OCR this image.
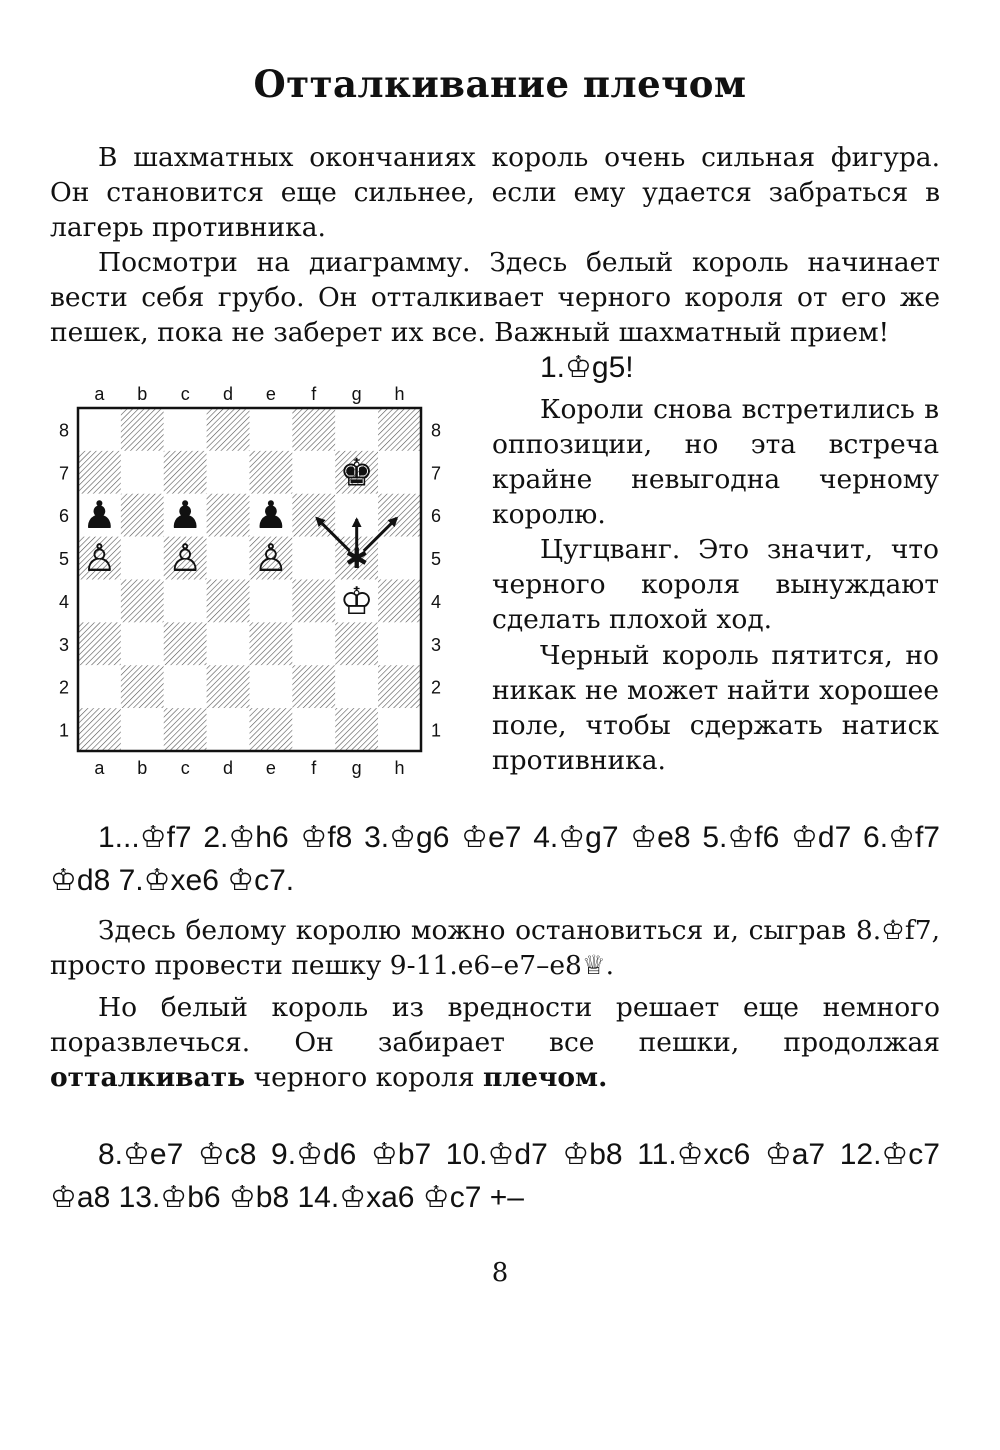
Отталкивание плечом

В шахматных окончаниях король очень сильная фигура. Он становится еще сильнее, если ему удается забраться в лагерь противника.

Посмотри на диаграмму. Здесь белый король начинает вести себя грубо. Он отталкивает черного короля от его же пешек, пока не заберет их все. Важный шахматный прием!

1.♔g5!

Короли снова встретились в оппозиции, но эта встреча крайне невыгодна черному королю.

Цугцванг. Это значит, что черного короля вынуждают сделать плохой ход.

Черный король пятится, но никак не может найти хорошее поле, чтобы сдержать натиск противника.

a
a
b
b
c
c
d
d
e
e
f
f
g
g
h
h
8	8
7	7
6	6
5	5
4	4
3	3
2	2
1	1
♚
♟ ♟ ♟
♙ ♙ ♙
♔
✱

1...♔f7 2.♔h6 ♔f8 3.♔g6 ♔e7 4.♔g7 ♔e8 5.♔f6 ♔d7 6.♔f7 ♔d8 7.♔xe6 ♔c7.

Здесь белому королю можно остановиться и, сыграв 8.♔f7, просто провести пешку 9-11.e6–e7–e8♕.

Но белый король из вредности решает еще немного поразвлечься. Он забирает все пешки, продолжая отталкивать черного короля плечом.

8.♔e7 ♔c8 9.♔d6 ♔b7 10.♔d7 ♔b8 11.♔xc6 ♔a7 12.♔c7 ♔a8 13.♔b6 ♔b8 14.♔xa6 ♔c7 +–

8
